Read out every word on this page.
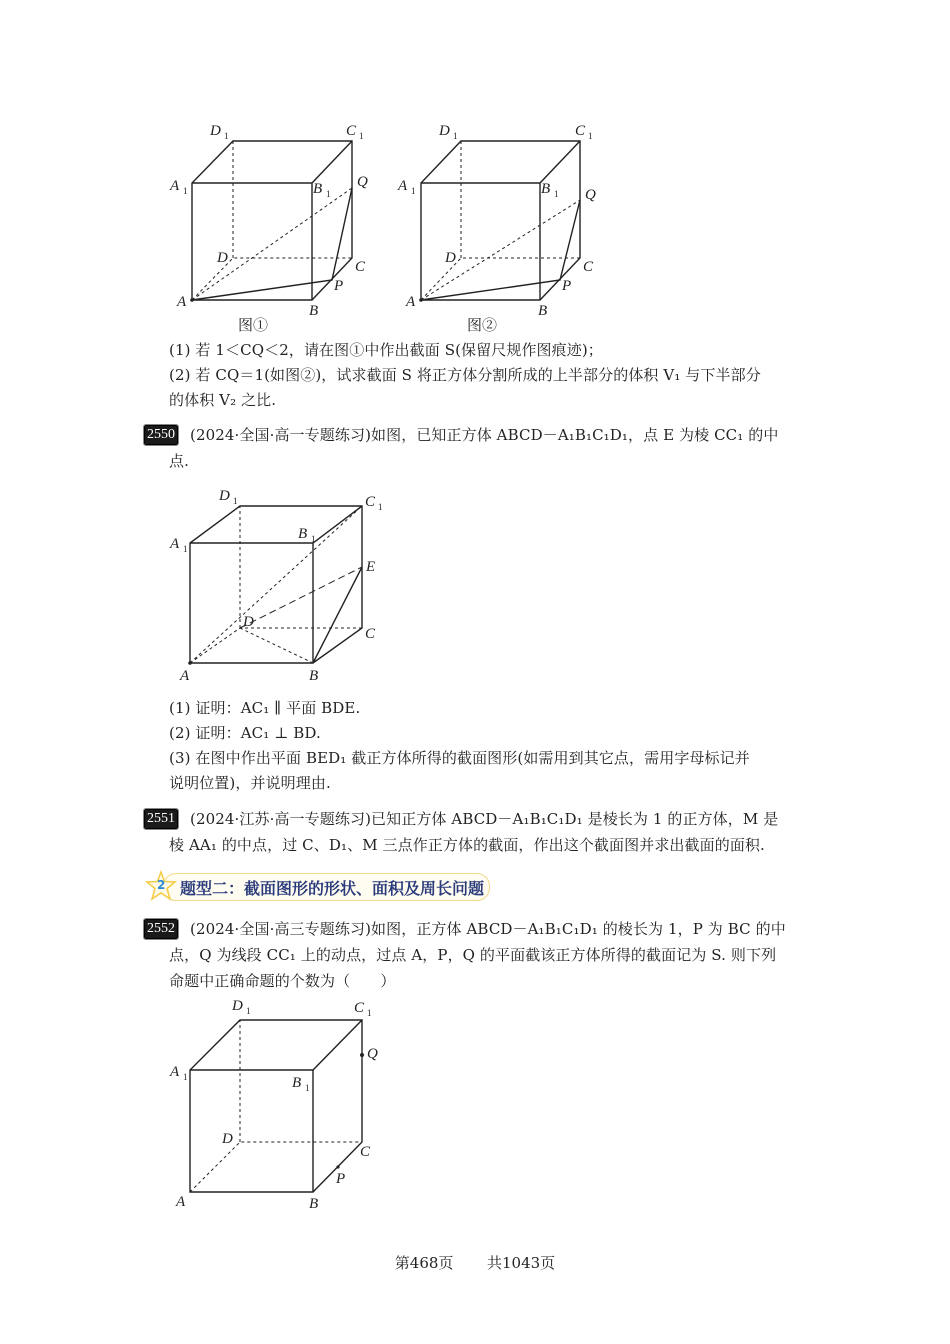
A
B
C
D
A 1	B 1
C 1
D 1
Q
P
图①
A
B
C
D
A 1	B 1
C 1
D 1
Q
P
图②
A	B
C
D
A 1
B 1
C 1
D 1
E
A	B
C
D
A 1	B 1
C 1
D 1
Q
P
(1) 若 1＜CQ＜2，请在图①中作出截面 S(保留尺规作图痕迹)；
(2) 若 CQ＝1(如图②)，试求截面 S 将正方体分割所成的上半部分的体积 V₁ 与下半部分
的体积 V₂ 之比.
2550 (2024·全国·高一专题练习)如图，已知正方体 ABCD－A₁B₁C₁D₁，点 E 为棱 CC₁ 的中
点.
(1) 证明：AC₁ ∥ 平面 BDE.
(2) 证明：AC₁ ⊥ BD.
(3) 在图中作出平面 BED₁ 截正方体所得的截面图形(如需用到其它点，需用字母标记并
说明位置)，并说明理由.
2551 (2024·江苏·高一专题练习)已知正方体 ABCD－A₁B₁C₁D₁ 是棱长为 1 的正方体，M 是
棱 AA₁ 的中点，过 C、D₁、M 三点作正方体的截面，作出这个截面图并求出截面的面积.
2 题型二：截面图形的形状、面积及周长问题
2552 (2024·全国·高三专题练习)如图，正方体 ABCD－A₁B₁C₁D₁ 的棱长为 1，P 为 BC 的中
点，Q 为线段 CC₁ 上的动点，过点 A，P，Q 的平面截该正方体所得的截面记为 S. 则下列
命题中正确命题的个数为（　　）
第468页 共1043页
